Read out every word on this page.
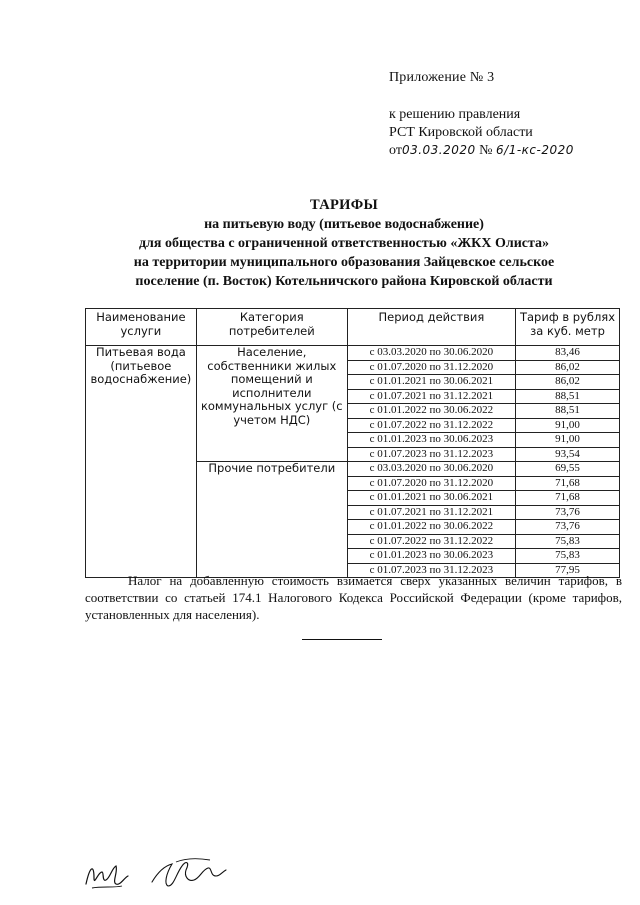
Приложение № 3
к решению правления
РСТ Кировской области
от03.03.2020 № 6/1-кс-2020
ТАРИФЫ
на питьевую воду (питьевое водоснабжение)
для общества с ограниченной ответственностью «ЖКХ Олиста»
на территории муниципального образования Зайцевское сельское
поселение (п. Восток) Котельничского района Кировской области
Наименование услуги	Категория потребителей	Период действия	Тариф в рублях за куб. метр
Питьевая вода (питьевое водоснабжение)	Население, собственники жилых помещений и исполнители коммунальных услуг (с учетом НДС)	с 03.03.2020 по 30.06.2020	83,46
		с 01.07.2020 по 31.12.2020	86,02
		с 01.01.2021 по 30.06.2021	86,02
		с 01.07.2021 по 31.12.2021	88,51
		с 01.01.2022 по 30.06.2022	88,51
		с 01.07.2022 по 31.12.2022	91,00
		с 01.01.2023 по 30.06.2023	91,00
		с 01.07.2023 по 31.12.2023	93,54
	Прочие потребители	с 03.03.2020 по 30.06.2020	69,55
		с 01.07.2020 по 31.12.2020	71,68
		с 01.01.2021 по 30.06.2021	71,68
		с 01.07.2021 по 31.12.2021	73,76
		с 01.01.2022 по 30.06.2022	73,76
		с 01.07.2022 по 31.12.2022	75,83
		с 01.01.2023 по 30.06.2023	75,83
		с 01.07.2023 по 31.12.2023	77,95
Налог на добавленную стоимость взимается сверх указанных величин тарифов, в соответствии со статьей 174.1 Налогового Кодекса Российской Федерации (кроме тарифов, установленных для населения).
